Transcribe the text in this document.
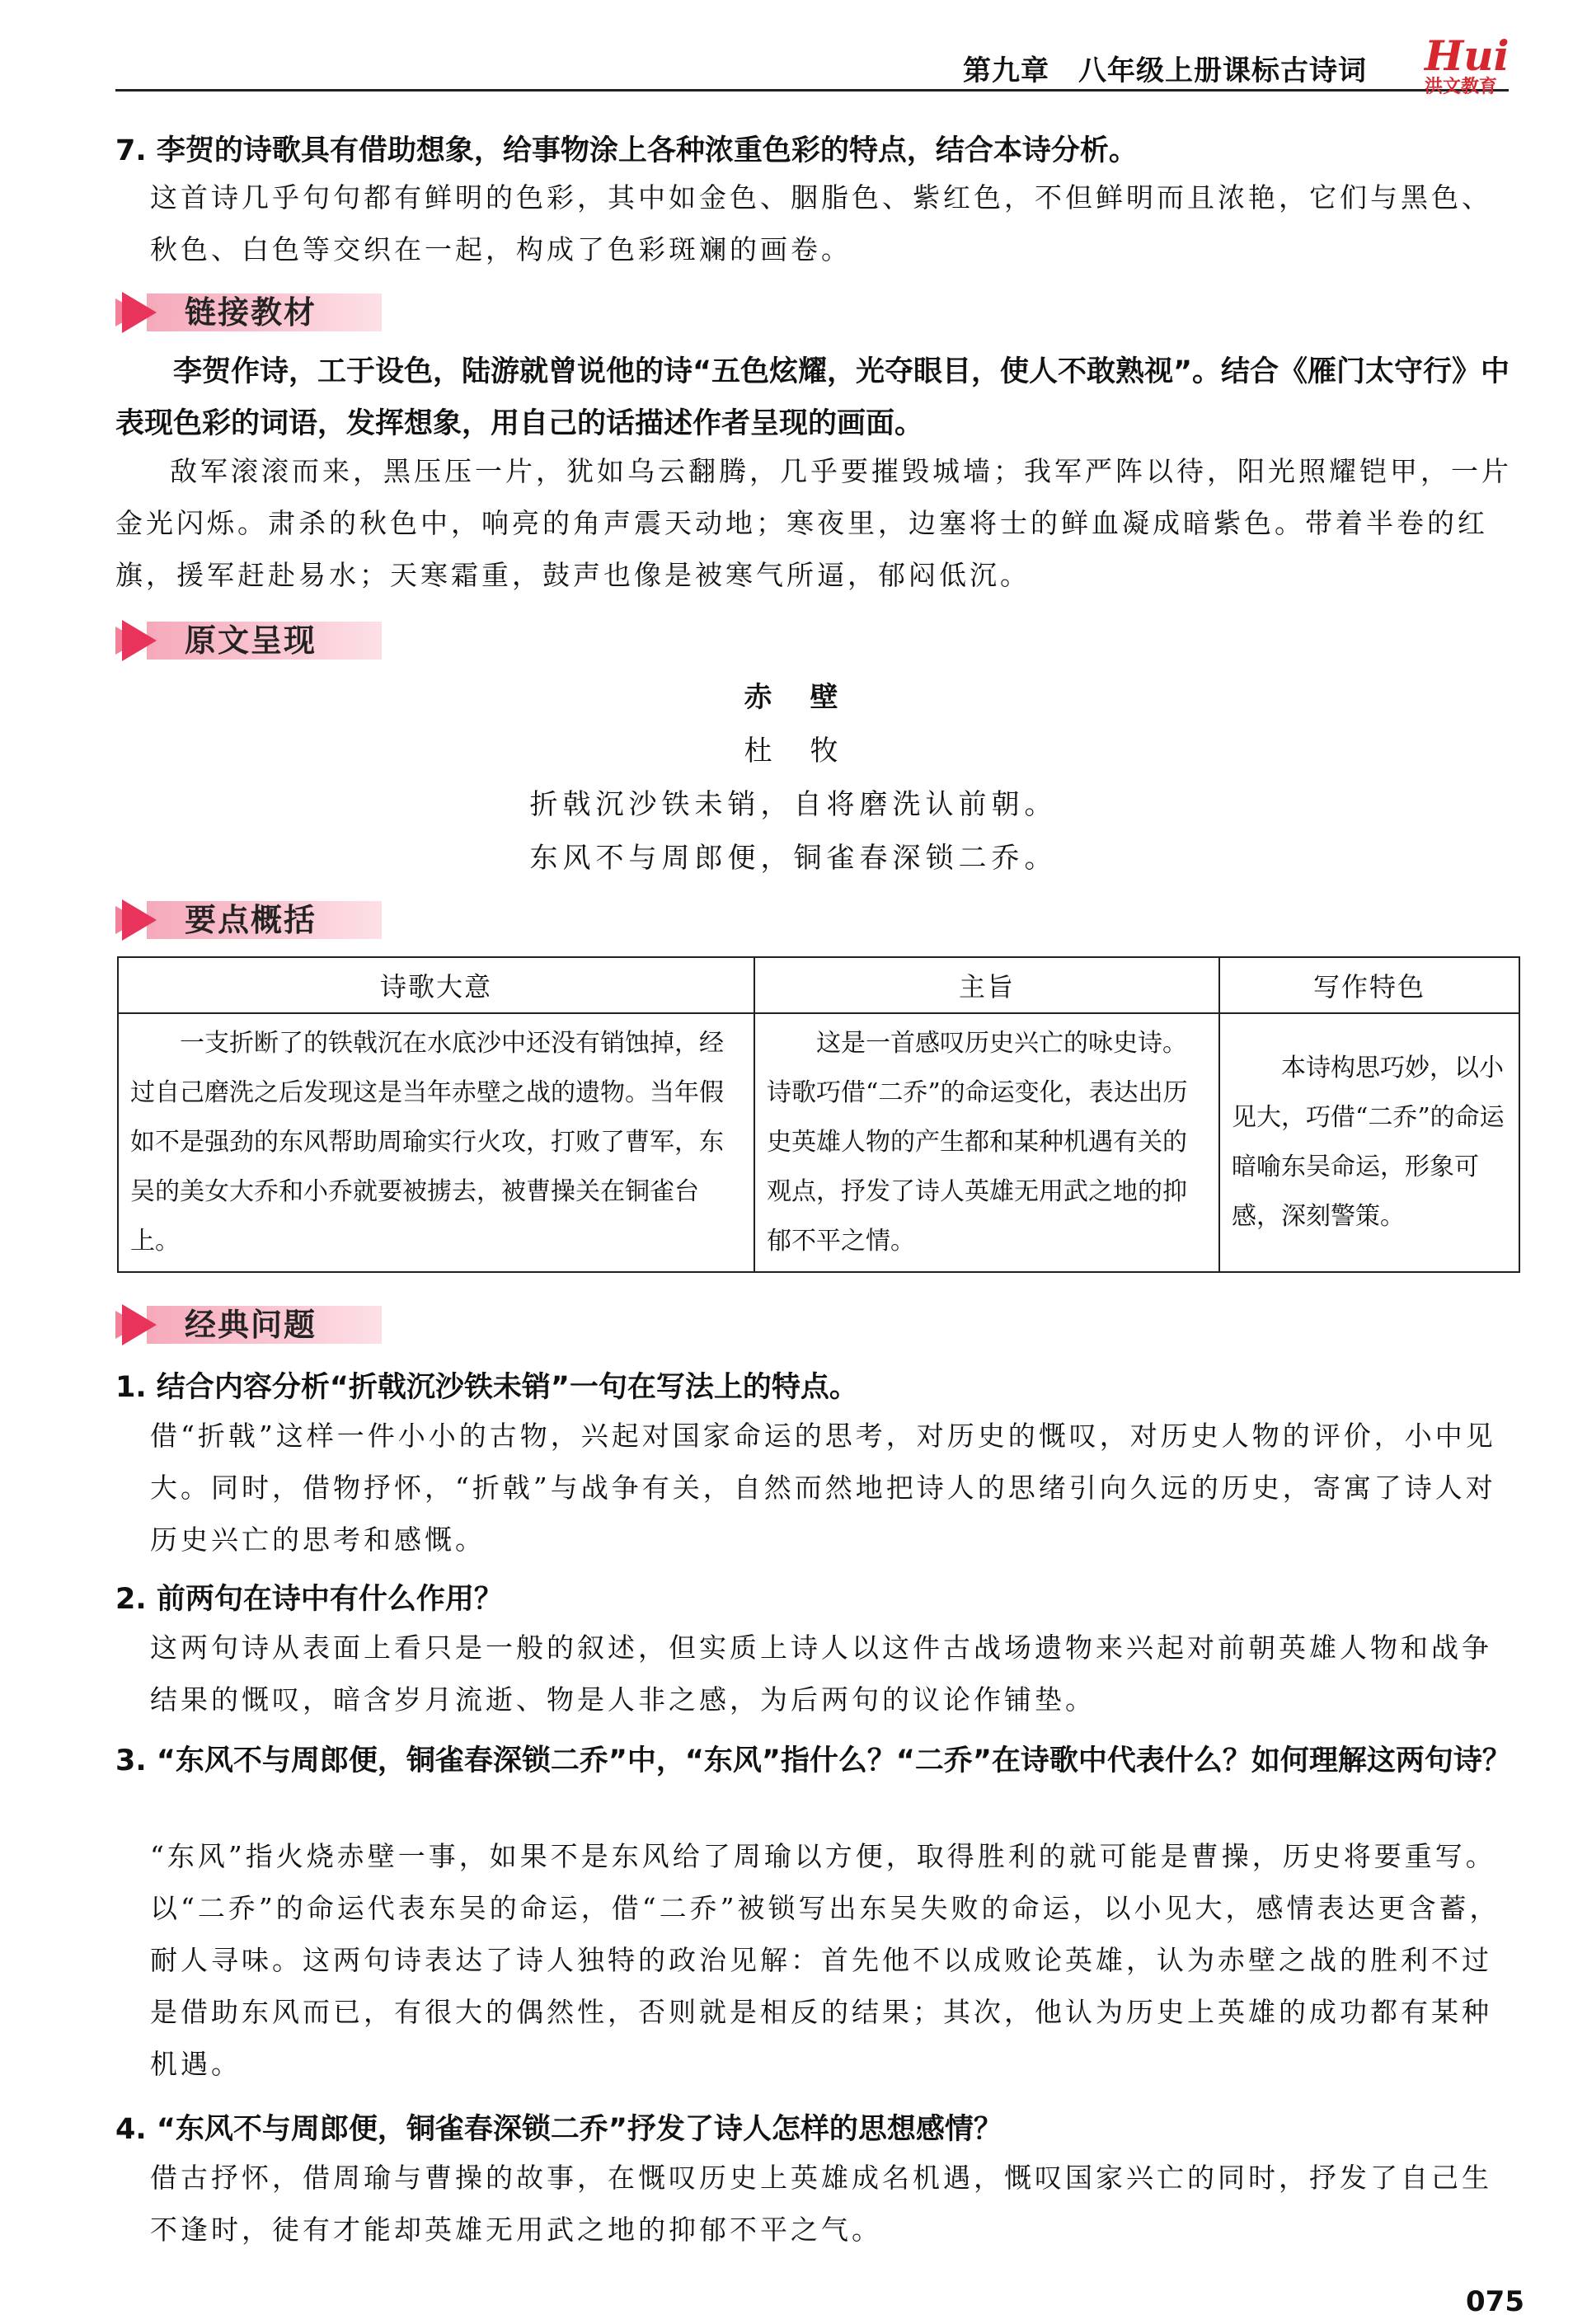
第九章　八年级上册课标古诗词 Hui
洪文教育
7. 李贺的诗歌具有借助想象，给事物涂上各种浓重色彩的特点，结合本诗分析。
这首诗几乎句句都有鲜明的色彩，其中如金色、胭脂色、紫红色，不但鲜明而且浓艳，它们与黑色、秋色、白色等交织在一起，构成了色彩斑斓的画卷。
链接教材
李贺作诗，工于设色，陆游就曾说他的诗“五色炫耀，光夺眼目，使人不敢熟视”。结合《雁门太守行》中表现色彩的词语，发挥想象，用自己的话描述作者呈现的画面。
敌军滚滚而来，黑压压一片，犹如乌云翻腾，几乎要摧毁城墙；我军严阵以待，阳光照耀铠甲，一片金光闪烁。肃杀的秋色中，响亮的角声震天动地；寒夜里，边塞将士的鲜血凝成暗紫色。带着半卷的红旗，援军赶赴易水；天寒霜重，鼓声也像是被寒气所逼，郁闷低沉。
原文呈现
赤　壁
杜　牧
折戟沉沙铁未销，自将磨洗认前朝。
东风不与周郎便，铜雀春深锁二乔。
要点概括
诗歌大意	主旨	写作特色
一支折断了的铁戟沉在水底沙中还没有销蚀掉，经过自己磨洗之后发现这是当年赤壁之战的遗物。当年假如不是强劲的东风帮助周瑜实行火攻，打败了曹军，东吴的美女大乔和小乔就要被掳去，被曹操关在铜雀台上。	这是一首感叹历史兴亡的咏史诗。诗歌巧借“二乔”的命运变化，表达出历史英雄人物的产生都和某种机遇有关的观点，抒发了诗人英雄无用武之地的抑郁不平之情。	本诗构思巧妙，以小见大，巧借“二乔”的命运暗喻东吴命运，形象可感，深刻警策。
经典问题
1. 结合内容分析“折戟沉沙铁未销”一句在写法上的特点。
借“折戟”这样一件小小的古物，兴起对国家命运的思考，对历史的慨叹，对历史人物的评价，小中见大。同时，借物抒怀，“折戟”与战争有关，自然而然地把诗人的思绪引向久远的历史，寄寓了诗人对历史兴亡的思考和感慨。
2. 前两句在诗中有什么作用？
这两句诗从表面上看只是一般的叙述，但实质上诗人以这件古战场遗物来兴起对前朝英雄人物和战争结果的慨叹，暗含岁月流逝、物是人非之感，为后两句的议论作铺垫。
3. “东风不与周郎便，铜雀春深锁二乔”中，“东风”指什么？“二乔”在诗歌中代表什么？如何理解这两句诗？
“东风”指火烧赤壁一事，如果不是东风给了周瑜以方便，取得胜利的就可能是曹操，历史将要重写。以“二乔”的命运代表东吴的命运，借“二乔”被锁写出东吴失败的命运，以小见大，感情表达更含蓄，耐人寻味。这两句诗表达了诗人独特的政治见解：首先他不以成败论英雄，认为赤壁之战的胜利不过是借助东风而已，有很大的偶然性，否则就是相反的结果；其次，他认为历史上英雄的成功都有某种机遇。
4. “东风不与周郎便，铜雀春深锁二乔”抒发了诗人怎样的思想感情？
借古抒怀，借周瑜与曹操的故事，在慨叹历史上英雄成名机遇，慨叹国家兴亡的同时，抒发了自己生不逢时，徒有才能却英雄无用武之地的抑郁不平之气。
075
